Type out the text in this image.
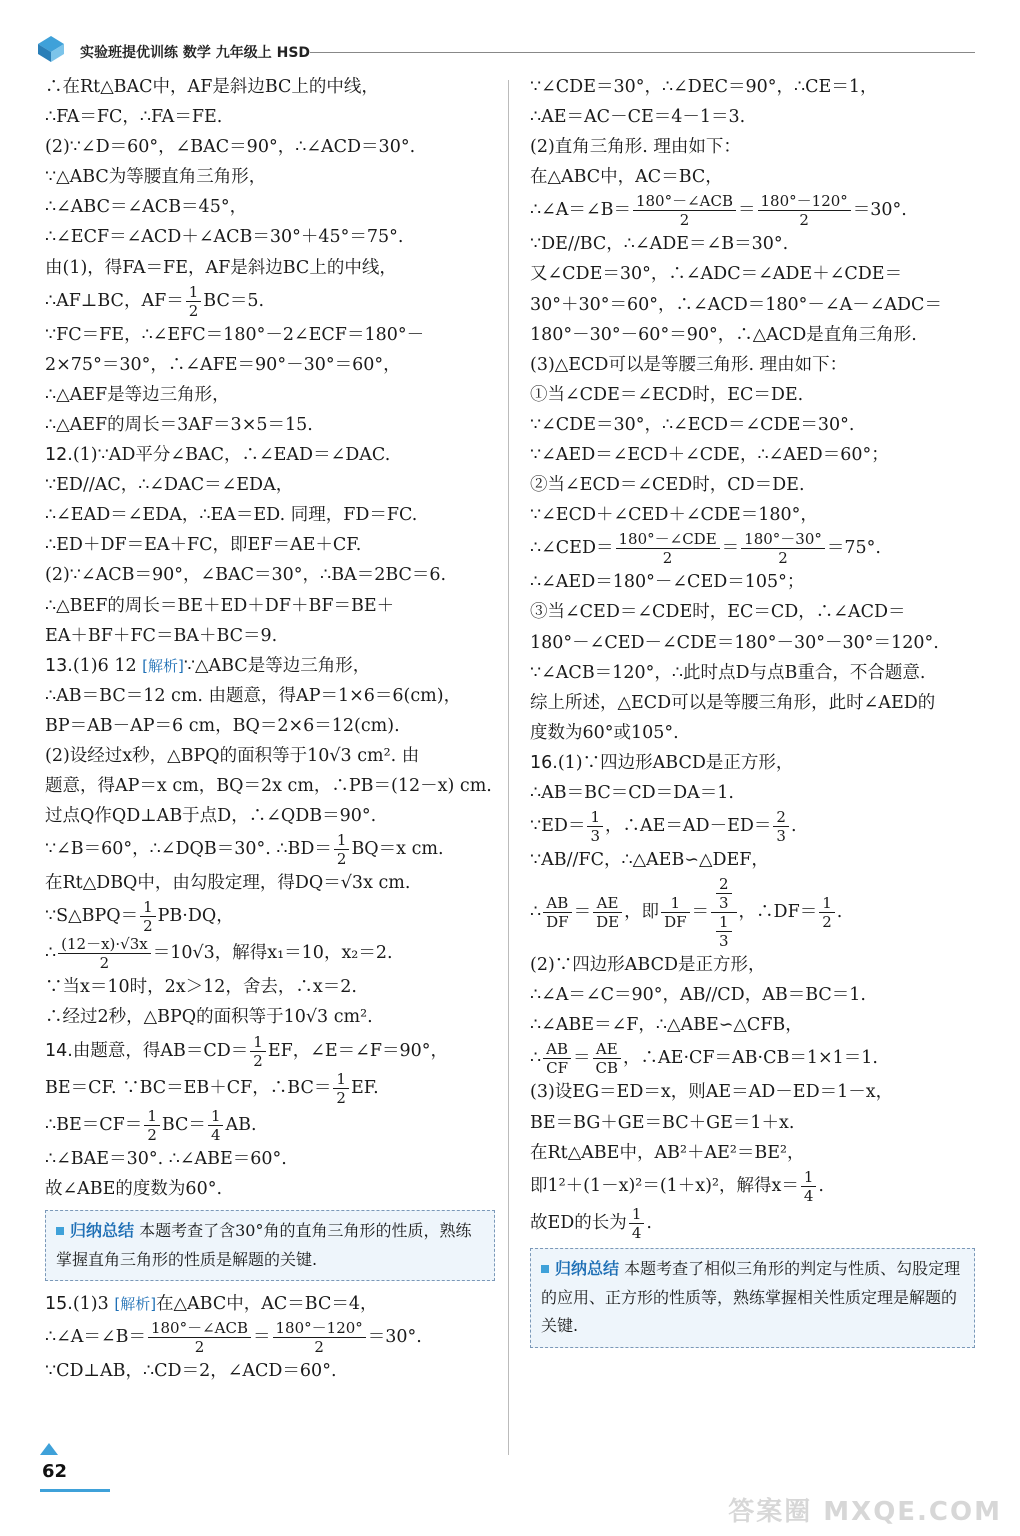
实验班提优训练 数学 九年级上 HSD
∴在Rt△BAC中，AF是斜边BC上的中线，
∴FA＝FC，∴FA＝FE.
(2)∵∠D＝60°，∠BAC＝90°，∴∠ACD＝30°.
∵△ABC为等腰直角三角形，
∴∠ABC＝∠ACB＝45°，
∴∠ECF＝∠ACD＋∠ACB＝30°＋45°＝75°.
由(1)，得FA＝FE，AF是斜边BC上的中线，
∴AF⊥BC，$AF= \frac{1}{2} BC=5$.
∵FC＝FE，∴∠EFC＝180°－2∠ECF＝180°－
2×75°＝30°，∴∠AFE＝90°－30°＝60°，
∴△AEF是等边三角形，
∴△AEF的周长＝3AF＝3×5＝15.
12.(1)∵AD平分∠BAC，∴∠EAD＝∠DAC.
∵ED//AC，∴∠DAC＝∠EDA，
∴∠EAD＝∠EDA，∴EA＝ED. 同理，FD＝FC.
∴ED＋DF＝EA＋FC，即EF＝AE＋CF.
(2)∵∠ACB＝90°，∠BAC＝30°，∴BA＝2BC＝6.
∴△BEF的周长＝BE＋ED＋DF＋BF＝BE＋
EA＋BF＋FC＝BA＋BC＝9.
13.(1)6 12 [解析]∵△ABC是等边三角形，
∴AB＝BC＝12 cm. 由题意，得AP＝1×6＝6(cm)，
BP＝AB－AP＝6 cm，BQ＝2×6＝12(cm).
(2)设经过x秒，△BPQ的面积等于10√3 cm². 由
题意，得AP＝x cm，BQ＝2x cm，∴PB＝(12－x) cm.
过点Q作QD⊥AB于点D，∴∠QDB＝90°.
∵∠B＝60°，∴∠DQB＝30°. ∴BD＝ $\frac{1}{2} BQ=x$ cm.
在Rt△DBQ中，由勾股定理，得DQ＝√3x cm.
∵S△BPQ＝ $\frac{1}{2} PB\cdot DQ$，
∴ $\frac{(12-x)\cdot√3x}{2} =10√3$，解得x₁＝10，x₂＝2.
∵当x＝10时，2x＞12，舍去，∴x＝2.
∴经过2秒，△BPQ的面积等于10√3 cm².
14.由题意，得$AB=CD= \frac{1}{2}$ EF，∠E＝∠F＝90°，
BE＝CF. ∵BC＝EB＋CF，∴BC＝ $\frac{1}{2}$ EF.
∴BE＝CF＝ $\frac{1}{2} BC= \frac{1}{4}$ AB.
∴∠BAE＝30°. ∴∠ABE＝60°.
故∠ABE的度数为60°.
归纳总结 本题考查了含30°角的直角三角形的性质，熟练掌握直角三角形的性质是解题的关键.
15.(1)3 [解析]在△ABC中，AC＝BC＝4，
∴∠A＝∠B＝ $\frac{\text{180°－∠ACB}}{2} = \frac{180^\circ-120^\circ}{2} =30^\circ$.
∵CD⊥AB，∴CD＝2，∠ACD＝60°.
∵∠CDE＝30°，∴∠DEC＝90°，∴CE＝1，
∴AE＝AC－CE＝4－1＝3.
(2)直角三角形. 理由如下：
在△ABC中，AC＝BC，
∴∠A＝∠B＝ $\frac{\text{180°－∠ACB}}{2} = \frac{180^\circ-120^\circ}{2} =30^\circ$.
∵DE//BC，∴∠ADE＝∠B＝30°.
又∠CDE＝30°，∴∠ADC＝∠ADE＋∠CDE＝
30°＋30°＝60°，∴∠ACD＝180°－∠A－∠ADC＝
180°－30°－60°＝90°，∴△ACD是直角三角形.
(3)△ECD可以是等腰三角形. 理由如下：
①当∠CDE＝∠ECD时，EC＝DE.
∵∠CDE＝30°，∴∠ECD＝∠CDE＝30°.
∵∠AED＝∠ECD＋∠CDE，∴∠AED＝60°；
②当∠ECD＝∠CED时，CD＝DE.
∵∠ECD＋∠CED＋∠CDE＝180°，
∴∠CED＝ $\frac{\text{180°－∠CDE}}{2} = \frac{180^\circ-30^\circ}{2} =75^\circ$.
∴∠AED＝180°－∠CED＝105°；
③当∠CED＝∠CDE时，EC＝CD，∴∠ACD＝
180°－∠CED－∠CDE＝180°－30°－30°＝120°.
∵∠ACB＝120°，∴此时点D与点B重合，不合题意.
综上所述，△ECD可以是等腰三角形，此时∠AED的
度数为60°或105°.
16.(1)∵四边形ABCD是正方形，
∴AB＝BC＝CD＝DA＝1.
∵ED＝ $\frac{1}{3}$ ，∴AE＝AD－ED＝ $\frac{2}{3}$ .
∵AB//FC，∴△AEB∽△DEF，
∴ $\frac{AB}{DF} = \frac{AE}{DE}$ ，即 $\frac{1}{DF} = \frac{\frac{2}{3}}{\frac{1}{3}}$ ，∴DF＝ $\frac{1}{2}$ .
(2)∵四边形ABCD是正方形，
∴∠A＝∠C＝90°，AB//CD，AB＝BC＝1.
∴∠ABE＝∠F，∴△ABE∽△CFB，
∴ $\frac{AB}{CF} = \frac{AE}{CB}$ ，∴AE·CF＝AB·CB＝1×1＝1.
(3)设EG＝ED＝x，则AE＝AD－ED＝1－x，
BE＝BG＋GE＝BC＋GE＝1＋x.
在Rt△ABE中，AB²＋AE²＝BE²，
即1²＋(1－x)²＝(1＋x)²，解得$x= \frac{1}{4}$ .
故ED的长为 $\frac{1}{4}$ .
归纳总结 本题考查了相似三角形的判定与性质、勾股定理的应用、正方形的性质等，熟练掌握相关性质定理是解题的关键.
62
答案圈 MXQE.COM
